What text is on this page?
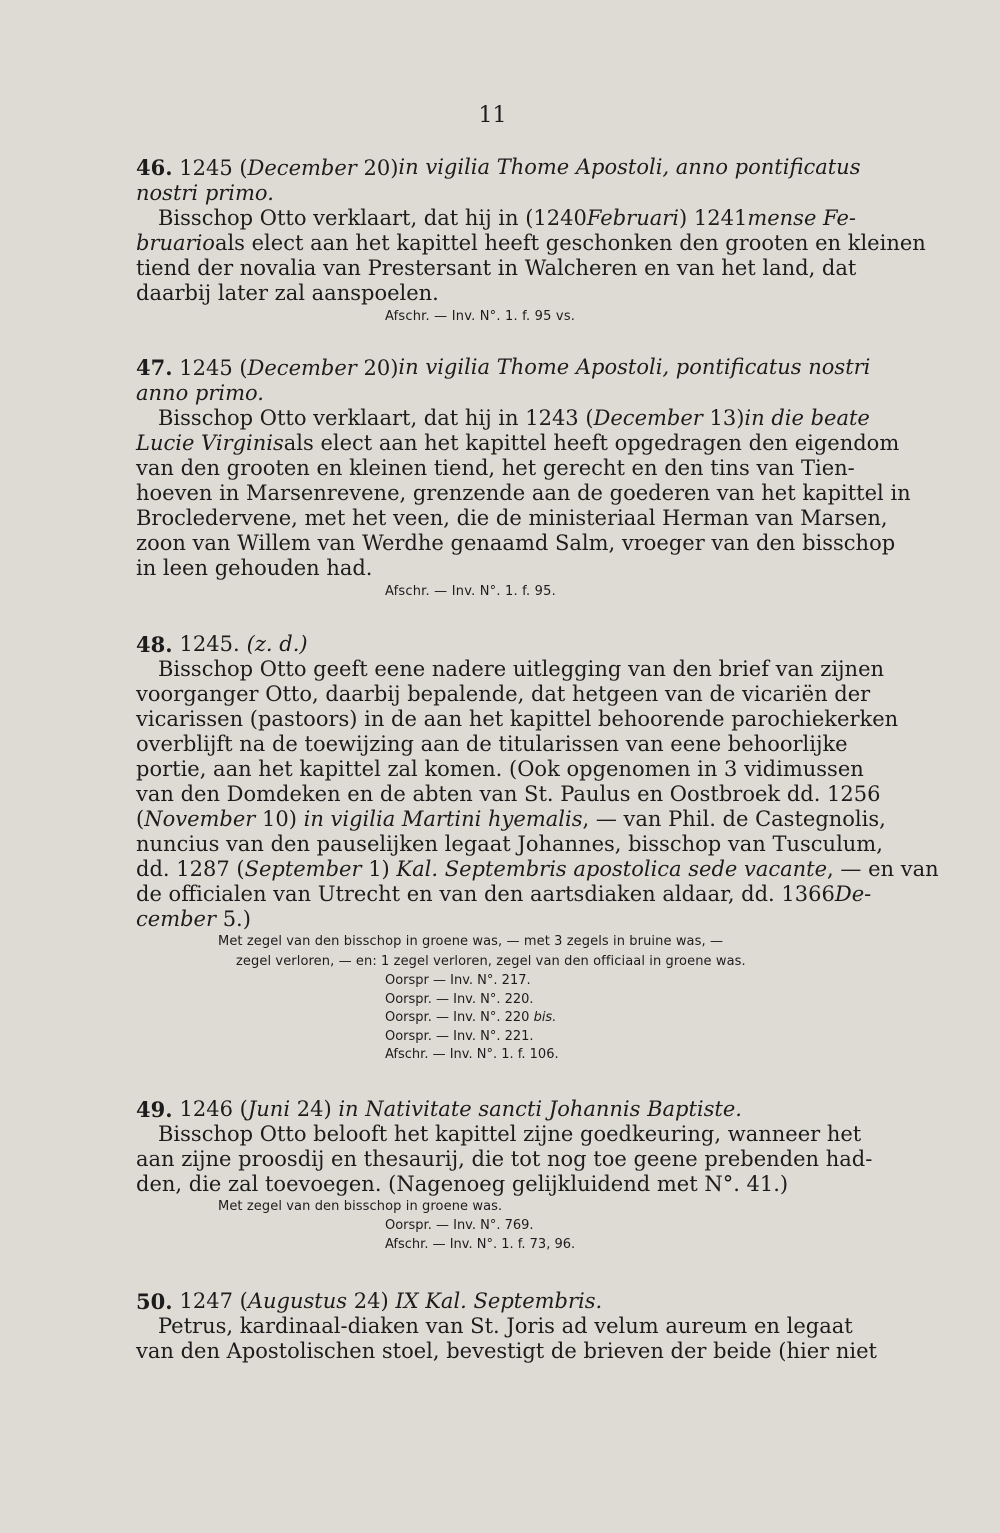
11
46. 1245 (December 20) in vigilia Thome Apostoli, anno pontificatus
nostri primo.
Bisschop Otto verklaart, dat hij in (1240 Februari ) 1241 mense Fe-
bruario als elect aan het kapittel heeft geschonken den grooten en kleinen
tiend der novalia van Prestersant in Walcheren en van het land, dat
daarbij later zal aanspoelen.
Afschr. — Inv. N°. 1. f. 95 vs.
47. 1245 (December 20) in vigilia Thome Apostoli, pontificatus nostri
anno primo.
Bisschop Otto verklaart, dat hij in 1243 (December 13) in die beate
Lucie Virginis als elect aan het kapittel heeft opgedragen den eigendom
van den grooten en kleinen tiend, het gerecht en den tins van Tien-
hoeven in Marsenrevene, grenzende aan de goederen van het kapittel in
Brocledervene, met het veen, die de ministeriaal Herman van Marsen,
zoon van Willem van Werdhe genaamd Salm, vroeger van den bisschop
in leen gehouden had.
Afschr. — Inv. N°. 1. f. 95.
48. 1245. (z. d.)
Bisschop Otto geeft eene nadere uitlegging van den brief van zijnen
voorganger Otto, daarbij bepalende, dat hetgeen van de vicariën der
vicarissen (pastoors) in de aan het kapittel behoorende parochiekerken
overblijft na de toewijzing aan de titularissen van eene behoorlijke
portie, aan het kapittel zal komen. (Ook opgenomen in 3 vidimussen
van den Domdeken en de abten van St. Paulus en Oostbroek dd. 1256
(November 10) in vigilia Martini hyemalis , — van Phil. de Castegnolis,
nuncius van den pauselijken legaat Johannes, bisschop van Tusculum,
dd. 1287 (September 1) Kal. Septembris apostolica sede vacante , — en van
de officialen van Utrecht en van den aartsdiaken aldaar, dd. 1366 De-
cember 5.)
Met zegel van den bisschop in groene was, — met 3 zegels in bruine was, —
zegel verloren, — en: 1 zegel verloren, zegel van den officiaal in groene was.
Oorspr — Inv. N°. 217.
Oorspr. — Inv. N°. 220.
Oorspr. — Inv. N°. 220 bis.
Oorspr. — Inv. N°. 221.
Afschr. — Inv. N°. 1. f. 106.
49. 1246 (Juni 24) in Nativitate sancti Johannis Baptiste.
Bisschop Otto belooft het kapittel zijne goedkeuring, wanneer het
aan zijne proosdij en thesaurij, die tot nog toe geene prebenden had-
den, die zal toevoegen. (Nagenoeg gelijkluidend met N°. 41.)
Met zegel van den bisschop in groene was.
Oorspr. — Inv. N°. 769.
Afschr. — Inv. N°. 1. f. 73, 96.
50. 1247 (Augustus 24) IX Kal. Septembris.
Petrus, kardinaal-diaken van St. Joris ad velum aureum en legaat
van den Apostolischen stoel, bevestigt de brieven der beide (hier niet
